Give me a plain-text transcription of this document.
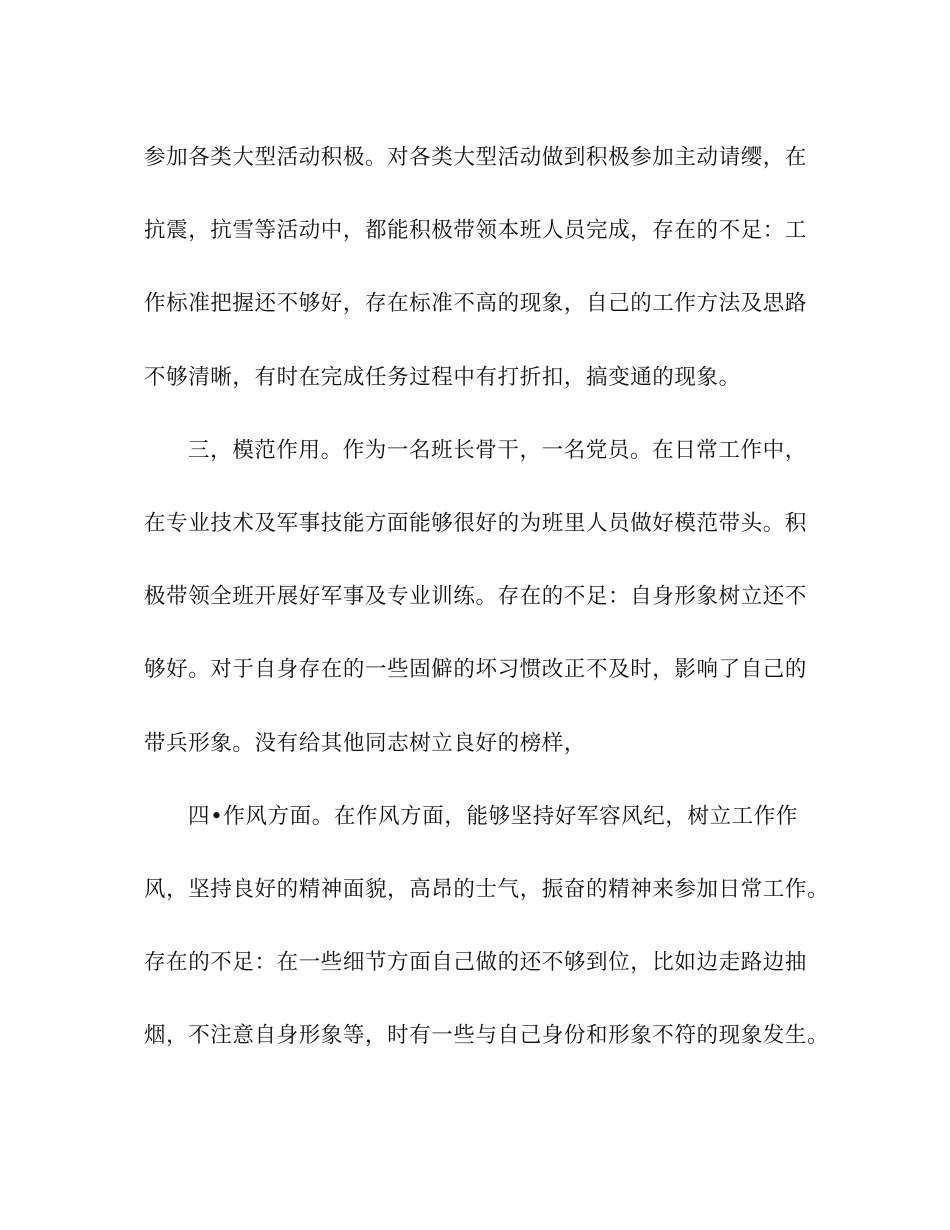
参加各类大型活动积极。对各类大型活动做到积极参加主动请缨，在
抗震，抗雪等活动中，都能积极带领本班人员完成，存在的不足：工
作标准把握还不够好，存在标准不高的现象，自己的工作方法及思路
不够清晰，有时在完成任务过程中有打折扣，搞变通的现象。
三，模范作用。作为一名班长骨干，一名党员。在日常工作中，
在专业技术及军事技能方面能够很好的为班里人员做好模范带头。积
极带领全班开展好军事及专业训练。存在的不足：自身形象树立还不
够好。对于自身存在的一些固僻的坏习惯改正不及时，影响了自己的
带兵形象。没有给其他同志树立良好的榜样，
四•作风方面。在作风方面，能够坚持好军容风纪，树立工作作
风，坚持良好的精神面貌，高昂的士气，振奋的精神来参加日常工作。
存在的不足：在一些细节方面自己做的还不够到位，比如边走路边抽
烟，不注意自身形象等，时有一些与自己身份和形象不符的现象发生。
